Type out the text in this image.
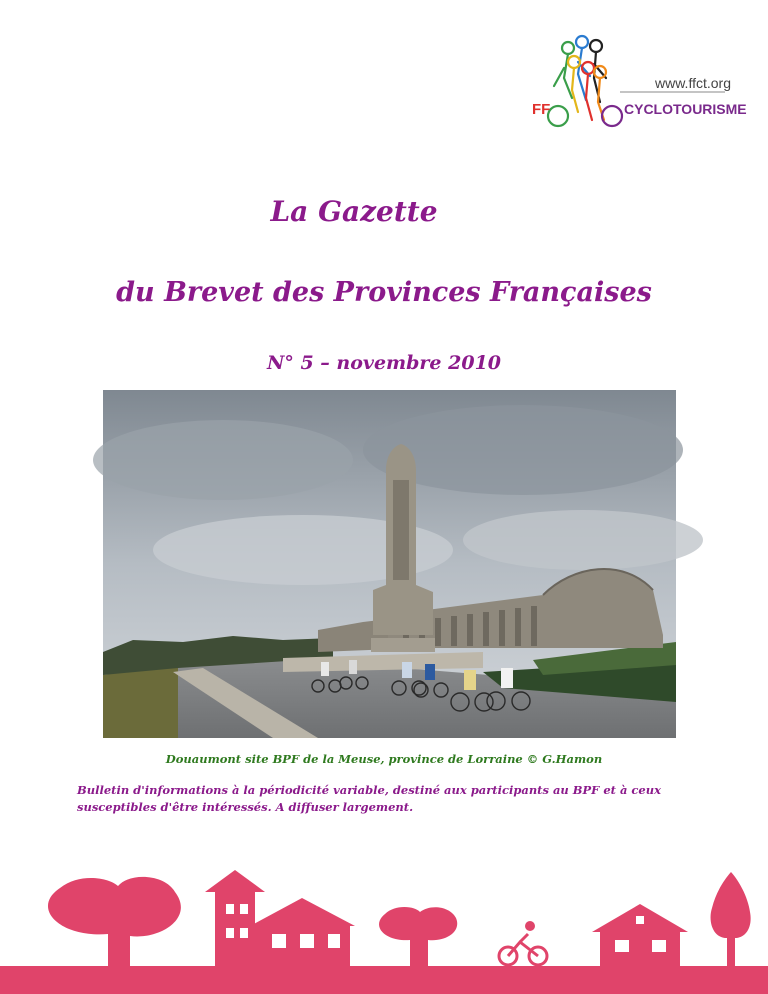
www.ffct.org
FF	CYCLOTOURISME
La Gazette
du Brevet des Provinces Françaises
N° 5 – novembre 2010
Douaumont site BPF de la Meuse, province de Lorraine © G.Hamon
Bulletin d'informations à la périodicité variable, destiné aux participants au BPF et à ceux susceptibles d'être intéressés. A diffuser largement.
